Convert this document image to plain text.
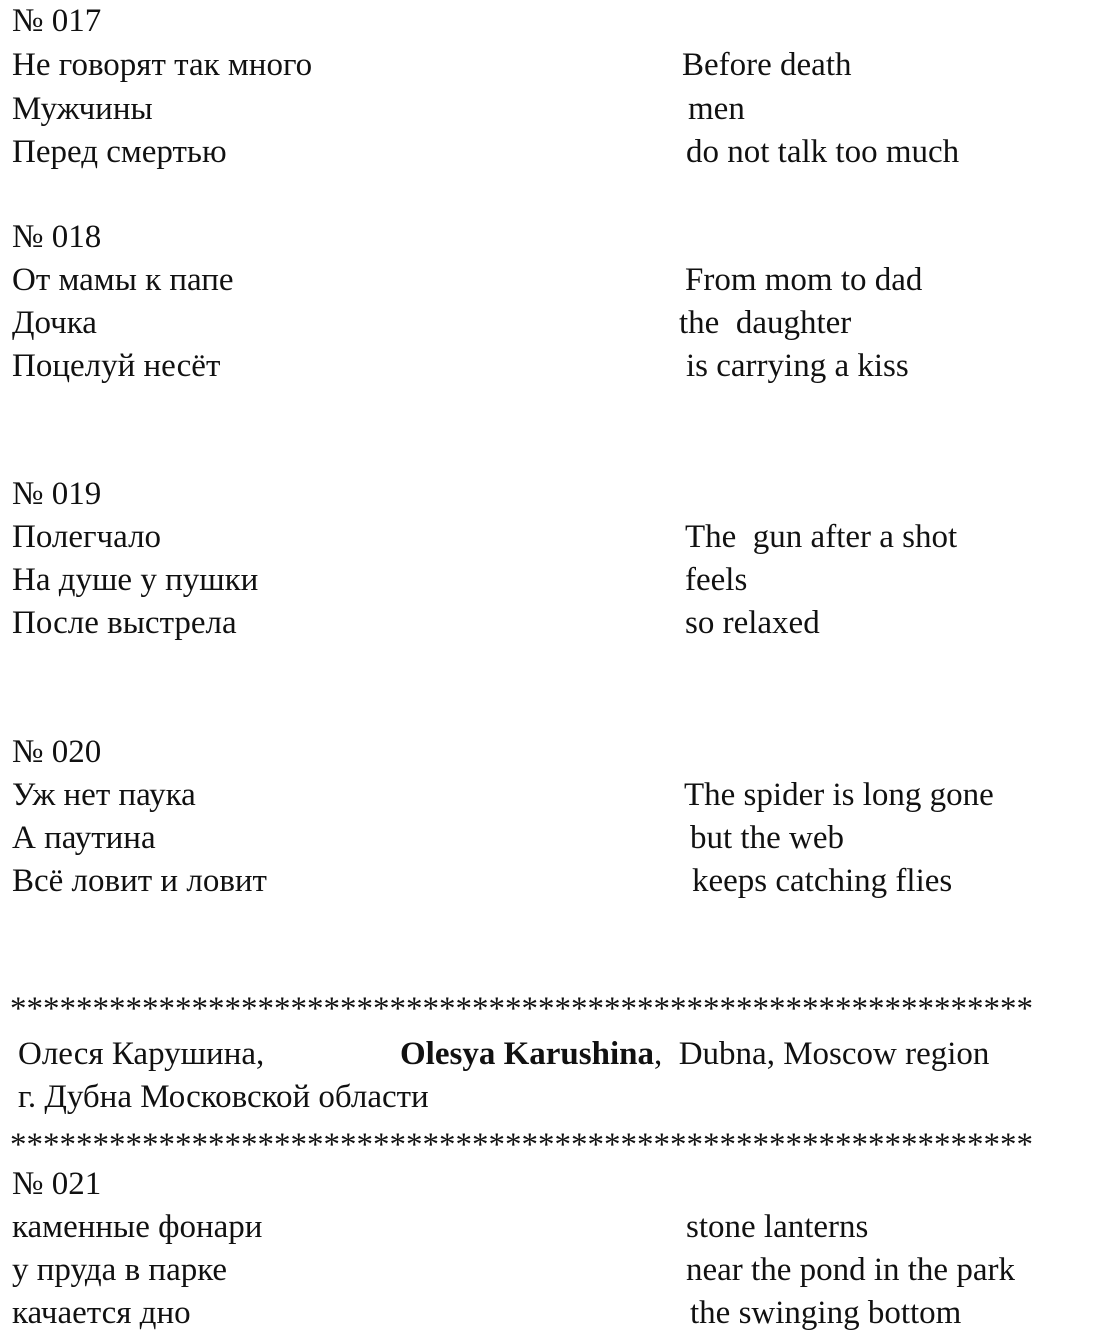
№ 017
Не говорят так много
Мужчины
Перед смертью
Before death
men
do not talk too much
№ 018
От мамы к папе
Дочка
Поцелуй несёт
From mom to dad
the  daughter
is carrying a kiss
№ 019
Полегчало
На душе у пушки
После выстрела
The  gun after a shot
feels
so relaxed
№ 020
Уж нет паука
А паутина
Всё ловит и ловит
The spider is long gone
but the web
keeps catching flies
**************************************************************
Олеся Карушина,
г. Дубна Московской области
Olesya Karushina,  Dubna, Moscow region
**************************************************************
№ 021
каменные фонари
у пруда в парке
качается дно
stone lanterns
near the pond in the park
the swinging bottom
